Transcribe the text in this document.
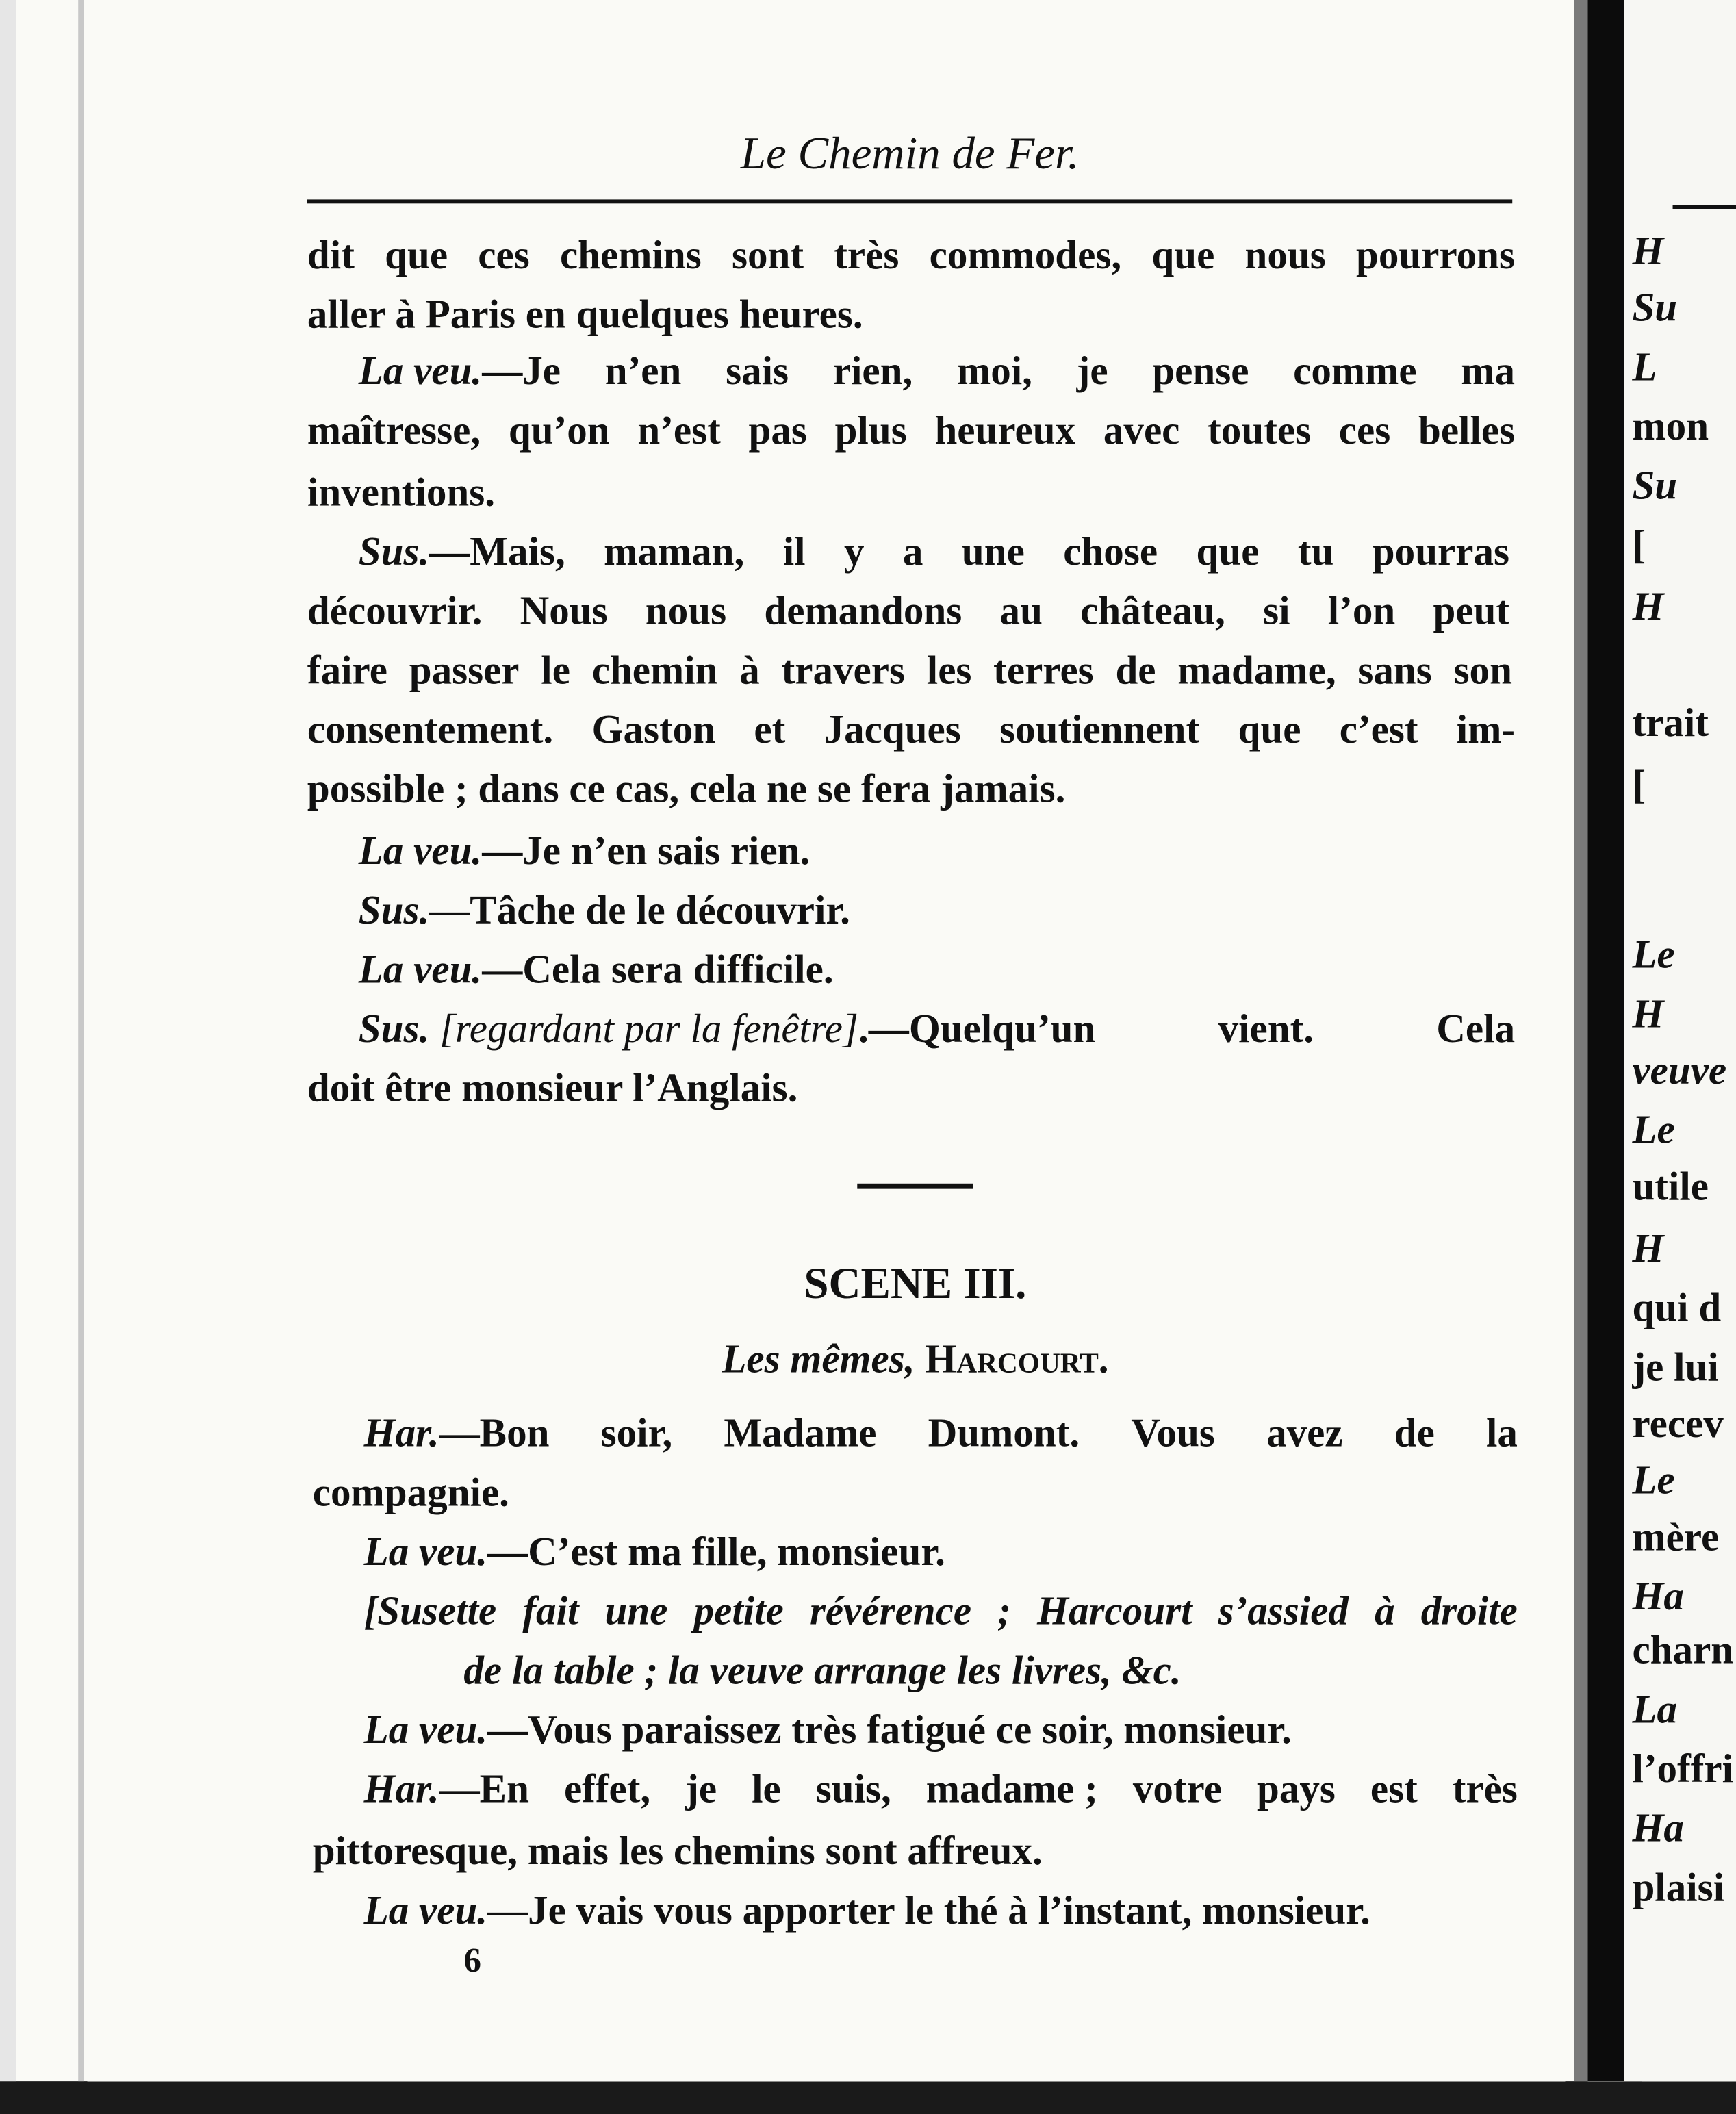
Le Chemin de Fer.
dit que ces chemins sont très commodes, que nous pourrons
aller à Paris en quelques heures.
La veu.—Je n’en sais rien, moi, je pense comme ma
maîtresse, qu’on n’est pas plus heureux avec toutes ces belles
inventions.
Sus.—Mais, maman, il y a une chose que tu pourras
découvrir. Nous nous demandons au château, si l’on peut
faire passer le chemin à travers les terres de madame, sans son
consentement. Gaston et Jacques soutiennent que c’est im-
possible ; dans ce cas, cela ne se fera jamais.
La veu.—Je n’en sais rien.
Sus.—Tâche de le découvrir.
La veu.—Cela sera difficile.
Sus. [regardant par la fenêtre].—Quelqu’un	vient.	Cela
doit être monsieur l’Anglais.
SCENE III.
Les mêmes, Harcourt.
Har.—Bon	soir,	Madame	Dumont.	Vous	avez	de	la
compagnie.
La veu.—C’est ma fille, monsieur.
[Susette fait une petite révérence ; Harcourt s’assied à droite
de la table ; la veuve arrange les livres, &c.
La veu.—Vous paraissez très fatigué ce soir, monsieur.
Har.—En effet, je le suis, madame ; votre pays est très
pittoresque, mais les chemins sont affreux.
La veu.—Je vais vous apporter le thé à l’instant, monsieur.
6
H
Su
L
mon
Su
[
H
trait
[
Le
H
veuve
Le
utile
H
qui d
je lui
recev
Le
mère
Ha
charn
La
l’offri
Ha
plaisi
